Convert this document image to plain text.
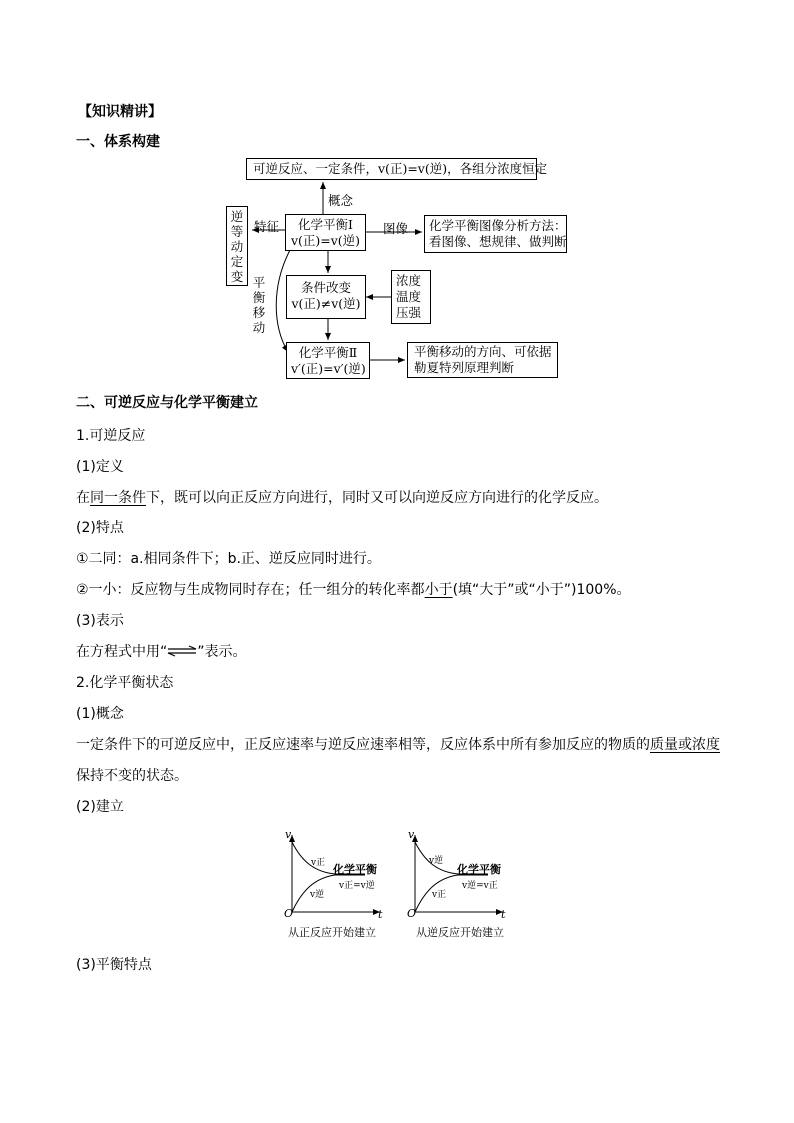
【知识精讲】
一、体系构建
可逆反应、一定条件，v(正)=v(逆)，各组分浓度恒定
概念
特征
逆等动定变
化学平衡Ⅰ
v(正)=v(逆)
图像 化学平衡图像分析方法：
看图像、想规律、做判断
平衡移动
条件改变
v(正)≠v(逆)
浓度
温度
压强
化学平衡Ⅱ
v′(正)=v′(逆)
平衡移动的方向、可依据
勒夏特列原理判断
二、可逆反应与化学平衡建立
1.可逆反应
(1)定义
在同一条件下，既可以向正反应方向进行，同时又可以向逆反应方向进行的化学反应。
(2)特点
①二同：a.相同条件下；b.正、逆反应同时进行。
②一小：反应物与生成物同时存在；任一组分的转化率都小于(填“大于”或“小于”)100%。
(3)表示
在方程式中用“⇌”表示。
2.化学平衡状态
(1)概念
一定条件下的可逆反应中，正反应速率与逆反应速率相等，反应体系中所有参加反应的物质的质量或浓度
保持不变的状态。
(2)建立
v
t
O
v正
v逆
化学平衡
v正=v逆
从正反应开始建立
v
t
O
v逆
v正
化学平衡
v逆=v正
从逆反应开始建立
(3)平衡特点
